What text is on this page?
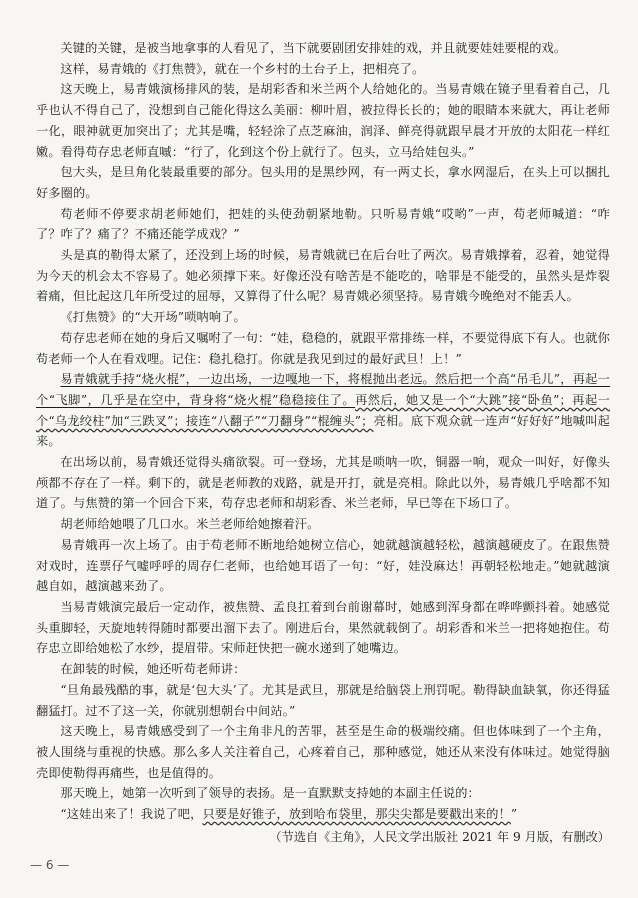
关键的关键，是被当地拿事的人看见了，当下就要剧团安排娃的戏，并且就要娃娃要棍的戏。

这样，易青娥的《打焦赞》，就在一个乡村的土台子上，把相亮了。

这天晚上，易青娥演杨排风的装，是胡彩香和米兰两个人给她化的。当易青娥在镜子里看着自己，几乎也认不得自己了，没想到自己能化得这么美丽：柳叶眉，被拉得长长的；她的眼睛本来就大，再让老师一化，眼神就更加突出了；尤其是嘴，轻轻涂了点芝麻油，润泽、鲜亮得就跟早晨才开放的太阳花一样红嫩。看得苟存忠老师直嘁：“行了，化到这个份上就行了。包头，立马给娃包头。”

包大头，是旦角化装最重要的部分。包头用的是黑纱网，有一两丈长，拿水网湿后，在头上可以捆扎好多圈的。

苟老师不停要求胡老师她们，把娃的头使劲朝紧地勒。只听易青娥“哎哟”一声，苟老师喊道：“咋了？咋了？痛了？不痛还能学成戏？”

头是真的勒得太紧了，还没到上场的时候，易青娥就已在后台吐了两次。易青娥撑着，忍着，她觉得为今天的机会太不容易了。她必须撑下来。好像还没有啥苦是不能吃的，啥罪是不能受的，虽然头是炸裂着痛，但比起这几年所受过的屈辱，又算得了什么呢？易青娥必须坚持。易青娥今晚绝对不能丢人。

《打焦赞》的“大开场”唢呐响了。

苟存忠老师在她的身后又嘱咐了一句：“娃，稳稳的，就跟平常排练一样，不要觉得底下有人。也就你苟老师一个人在看戏哩。记住：稳扎稳打。你就是我见到过的最好武旦！上！”

易青娥就手持“烧火棍”，一边出场，一边嘎地一下，将棍抛出老远。然后把一个高“吊毛儿”，再起一个“飞脚”，几乎是在空中，背身将“烧火棍”稳稳接住了。再然后，她又是一个“大跳”接“卧鱼”；再起一个“乌龙绞柱”加“三跌叉”；接连“八翻子”“刀翻身”“棍缠头”；亮相。底下观众就一连声“好好好”地喊叫起来。

在出场以前，易青娥还觉得头痛欲裂。可一登场，尤其是唢呐一吹，铜器一响，观众一叫好，好像头颅都不存在了一样。剩下的，就是老师教的戏路，就是开打，就是亮相。除此以外，易青娥几乎啥都不知道了。与焦赞的第一个回合下来，苟存忠老师和胡彩香、米兰老师，早已等在下场口了。

胡老师给她喂了几口水。米兰老师给她擦着汗。

易青娥再一次上场了。由于苟老师不断地给她树立信心，她就越演越轻松，越演越硬皮了。在跟焦赞对戏时，连票仔气嘘呼呼的周存仁老师，也给她耳语了一句：“好，娃没麻达！再朝轻松地走。”她就越演越自如，越演越来劲了。

当易青娥演完最后一定动作，被焦赞、孟良扛着到台前谢幕时，她感到浑身都在哗哗颤抖着。她感觉头重脚轻，天旋地转得随时都要出溜下去了。刚进后台，果然就载倒了。胡彩香和米兰一把将她抱住。苟存忠立即给她松了水纱，提眉带。宋师赶快把一碗水递到了她嘴边。

在卸装的时候，她还听苟老师讲：

“旦角最残酷的事，就是‘包大头’了。尤其是武旦，那就是给脑袋上刑罚呢。勒得缺血缺氧，你还得猛翻猛打。过不了这一关，你就别想朝台中间站。”

这天晚上，易青娥感受到了一个主角非凡的苦罪，甚至是生命的极端绞痛。但也体味到了一个主角，被人围绕与重视的快感。那么多人关注着自己，心疼着自己，那种感觉，她还从来没有体味过。她觉得脑壳即使勒得再痛些，也是值得的。

那天晚上，她第一次听到了领导的表扬。是一直默默支持她的本副主任说的：

“这娃出来了！我说了吧，只要是好锥子，放到哈布袋里，那尖尖都是要戳出来的！”

（节选自《主角》，人民文学出版社 2021 年 9 月版，有删改）

— 6 —
